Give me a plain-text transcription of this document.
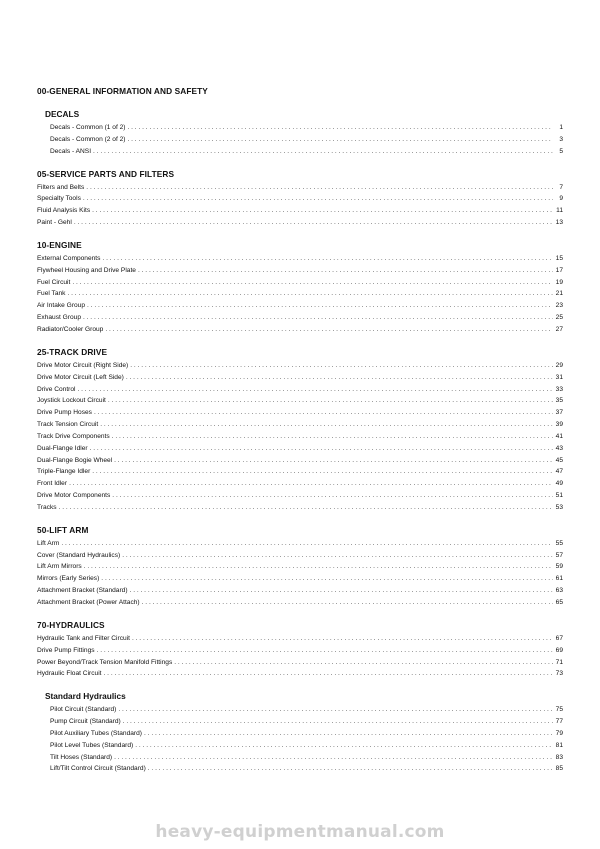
00-GENERAL INFORMATION AND SAFETY
DECALS
Decals - Common (1 of 2) . . .	1
Decals - Common (2 of 2) . . .	3
Decals - ANSI . . .	5
05-SERVICE PARTS AND FILTERS
Filters and Belts . . .	7
Specialty Tools . . .	9
Fluid Analysis Kits . . .	11
Paint - Gehl . . .	13
10-ENGINE
External Components . . .	15
Flywheel Housing and Drive Plate . . .	17
Fuel Circuit . . .	19
Fuel Tank . . .	21
Air Intake Group . . .	23
Exhaust Group . . .	25
Radiator/Cooler Group . . .	27
25-TRACK DRIVE
Drive Motor Circuit (Right Side) . . .	29
Drive Motor Circuit (Left Side) . . .	31
Drive Control . . .	33
Joystick Lockout Circuit . . .	35
Drive Pump Hoses . . .	37
Track Tension Circuit . . .	39
Track Drive Components . . .	41
Dual-Flange Idler . . .	43
Dual-Flange Bogie Wheel . . .	45
Triple-Flange Idler . . .	47
Front Idler . . .	49
Drive Motor Components . . .	51
Tracks . . .	53
50-LIFT ARM
Lift Arm . . .	55
Cover (Standard Hydraulics) . . .	57
Lift Arm Mirrors . . .	59
Mirrors (Early Series) . . .	61
Attachment Bracket (Standard) . . .	63
Attachment Bracket (Power Attach) . . .	65
70-HYDRAULICS
Hydraulic Tank and Filter Circuit . . .	67
Drive Pump Fittings . . .	69
Power Beyond/Track Tension Manifold Fittings . . .	71
Hydraulic Float Circuit . . .	73
Standard Hydraulics
Pilot Circuit (Standard) . . .	75
Pump Circuit (Standard) . . .	77
Pilot Auxiliary Tubes (Standard) . . .	79
Pilot Level Tubes (Standard) . . .	81
Tilt Hoses (Standard) . . .	83
Lift/Tilt Control Circuit (Standard) . . .	85
heavy-equipmentmanual.com
